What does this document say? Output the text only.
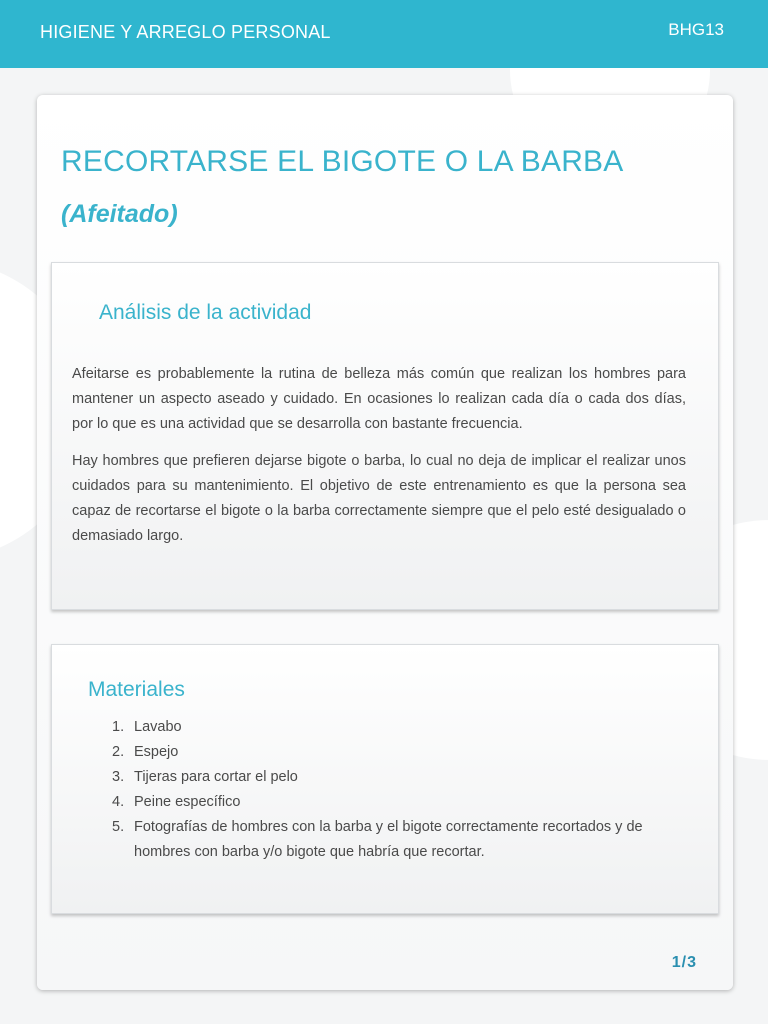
HIGIENE Y ARREGLO PERSONAL	BHG13
RECORTARSE EL BIGOTE O LA BARBA
(Afeitado)
Análisis de la actividad

Afeitarse es probablemente la rutina de belleza más común que realizan los hombres para mantener un aspecto aseado y cuidado. En ocasiones lo realizan cada día o cada dos días, por lo que es una actividad que se desarrolla con bastante frecuencia.

Hay hombres que prefieren dejarse bigote o barba, lo cual no deja de implicar el realizar unos cuidados para su mantenimiento. El objetivo de este entrenamiento es que la persona sea capaz de recortarse el bigote o la barba correctamente siempre que el pelo esté desigualado o demasiado largo.

Materiales
1. Lavabo
2. Espejo
3. Tijeras para cortar el pelo
4. Peine específico
5. Fotografías de hombres con la barba y el bigote correctamente recortados y de hombres con barba y/o bigote que habría que recortar.
1/3
